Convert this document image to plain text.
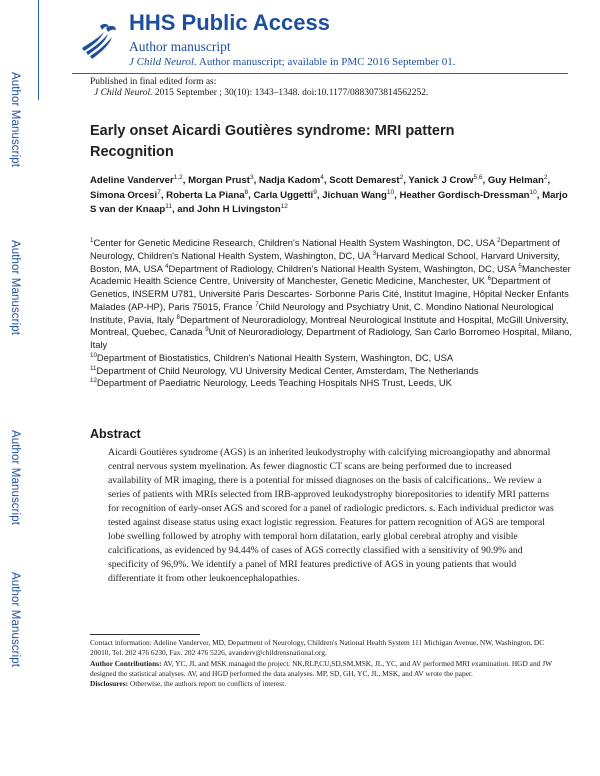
Author Manuscript
Author Manuscript
Author Manuscript
Author Manuscript
HHS Public Access
Author manuscript
J Child Neurol. Author manuscript; available in PMC 2016 September 01.
Published in final edited form as:
J Child Neurol. 2015 September ; 30(10): 1343–1348. doi:10.1177/0883073814562252.
Early onset Aicardi Goutières syndrome: MRI pattern Recognition
Adeline Vanderver$^{1,2}$, Morgan Prust$^3$, Nadja Kadom$^4$, Scott Demarest$^2$, Yanick J Crow$^{5,6}$, Guy Helman$^2$, Simona Orcesi$^7$, Roberta La Piana$^8$, Carla Uggetti$^9$, Jichuan Wang$^{10}$, Heather Gordisch-Dressman$^{10}$, Marjo S van der Knaap$^{11}$, and John H Livingston$^{12}$
$^1$Center for Genetic Medicine Research, Children's National Health System Washington, DC, USA $^2$Department of Neurology, Children's National Health System, Washington, DC, UA $^3$Harvard Medical School, Harvard University, Boston, MA, USA $^4$Department of Radiology, Children's National Health System, Washington, DC, USA $^5$Manchester Academic Health Science Centre, University of Manchester, Genetic Medicine, Manchester, UK $^6$Department of Genetics, INSERM U781, Université Paris Descartes- Sorbonne Paris Cité, Institut Imagine, Hôpital Necker Enfants Malades (AP-HP), Paris 75015, France $^7$Child Neurology and Psychiatry Unit, C. Mondino National Neurological Institute, Pavia, Italy $^8$Department of Neuroradiology, Montreal Neurological Institute and Hospital, McGill University, Montreal, Quebec, Canada $^9$Unit of Neuroradiology, Department of Radiology, San Carlo Borromeo Hospital, Milano, Italy
$^{10}$Department of Biostatistics, Children's National Health System, Washington, DC, USA
$^{11}$Department of Child Neurology, VU University Medical Center, Amsterdam, The Netherlands
$^{12}$Department of Paediatric Neurology, Leeds Teaching Hospitals NHS Trust, Leeds, UK
Abstract
Aicardi Goutières syndrome (AGS) is an inherited leukodystrophy with calcifying microangiopathy and abnormal central nervous system myelination. As fewer diagnostic CT scans are being performed due to increased availability of MR imaging, there is a potential for missed diagnoses on the basis of calcifications.. We review a series of patients with MRIs selected from IRB-approved leukodystrophy biorepositories to identify MRI patterns for recognition of early-onset AGS and scored for a panel of radiologic predictors. s. Each individual predictor was tested against disease status using exact logistic regression. Features for pattern recognition of AGS are temporal lobe swelling followed by atrophy with temporal horn dilatation, early global cerebral atrophy and visible calcifications, as evidenced by 94.44% of cases of AGS correctly classified with a sensitivity of 90.9% and specificity of 96,9%. We identify a panel of MRI features predictive of AGS in young patients that would differentiate it from other leukoencephalopathies.

Contact information: Adeline Vanderver, MD, Department of Neurology, Children's National Health System 111 Michigan Avenue, NW, Washington, DC 20010, Tel. 202 476 6230, Fax. 202 476 5226, avanderv@childrensnational.org.

Author Contributions: AV, YC, JL and MSK managed the project. NK,RLP,CU,SD,SM,MSK, JL, YC, and AV performed MRI examination. HGD and JW designed the statistical analyses. AV, and HGD performed the data analyses. MP, SD, GH, YC, JL, MSK, and AV wrote the paper.

Disclosures: Otherwise, the authors report no conflicts of interest.
